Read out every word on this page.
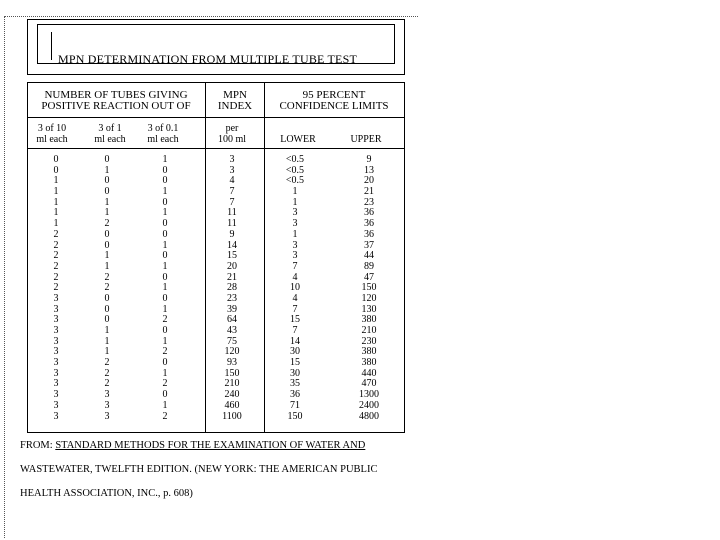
MPN DETERMINATION FROM MULTIPLE TUBE TEST
NUMBER OF TUBES GIVING
POSITIVE REACTION OUT OF
MPN
INDEX
95 PERCENT
CONFIDENCE LIMITS
3 of 10
ml each
3 of 1
ml each
3 of 0.1
ml each
per
100 ml	LOWER	UPPER
0
0
1
1
1
1
1
2
2
2
2
2
2
3
3
3
3
3
3
3
3
3
3
3
3
0
1
0
0
1
1
2
0
0
1
1
2
2
0
0
0
1
1
1
2
2
2
3
3
3
1
0
0
1
0
1
0
0
1
0
1
0
1
0
1
2
0
1
2
0
1
2
0
1
2
3
3
4
7
7
11
11
9
14
15
20
21
28
23
39
64
43
75
120
93
150
210
240
460
1100
<0.5
<0.5
<0.5
1
1
3
3
1
3
3
7
4
10
4
7
15
7
14
30
15
30
35
36
71
150
9
13
20
21
23
36
36
36
37
44
89
47
150
120
130
380
210
230
380
380
440
470
1300
2400
4800
FROM: STANDARD METHODS FOR THE EXAMINATION OF WATER AND
WASTEWATER, TWELFTH EDITION. (NEW YORK: THE AMERICAN PUBLIC
HEALTH ASSOCIATION, INC., p. 608)
